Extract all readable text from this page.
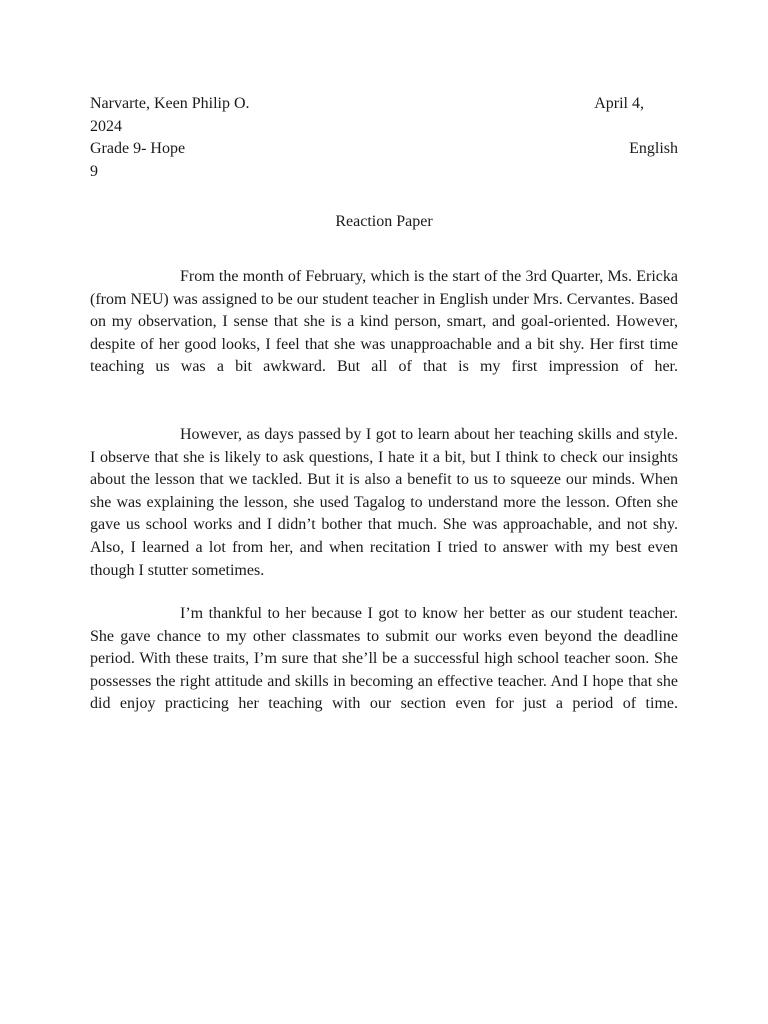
Narvarte, Keen Philip O.	April 4,
2024
Grade 9- Hope	English
9
Reaction Paper

From the month of February, which is the start of the 3rd Quarter, Ms. Ericka (from NEU) was assigned to be our student teacher in English under Mrs. Cervantes. Based on my observation, I sense that she is a kind person, smart, and goal-oriented. However, despite of her good looks, I feel that she was unapproachable and a bit shy. Her first time teaching us was a bit awkward. But all of that is my first impression of her.

However, as days passed by I got to learn about her teaching skills and style. I observe that she is likely to ask questions, I hate it a bit, but I think to check our insights about the lesson that we tackled. But it is also a benefit to us to squeeze our minds. When she was explaining the lesson, she used Tagalog to understand more the lesson. Often she gave us school works and I didn’t bother that much. She was approachable, and not shy. Also, I learned a lot from her, and when recitation I tried to answer with my best even though I stutter sometimes.

I’m thankful to her because I got to know her better as our student teacher. She gave chance to my other classmates to submit our works even beyond the deadline period. With these traits, I’m sure that she’ll be a successful high school teacher soon. She possesses the right attitude and skills in becoming an effective teacher. And I hope that she did enjoy practicing her teaching with our section even for just a period of time.
